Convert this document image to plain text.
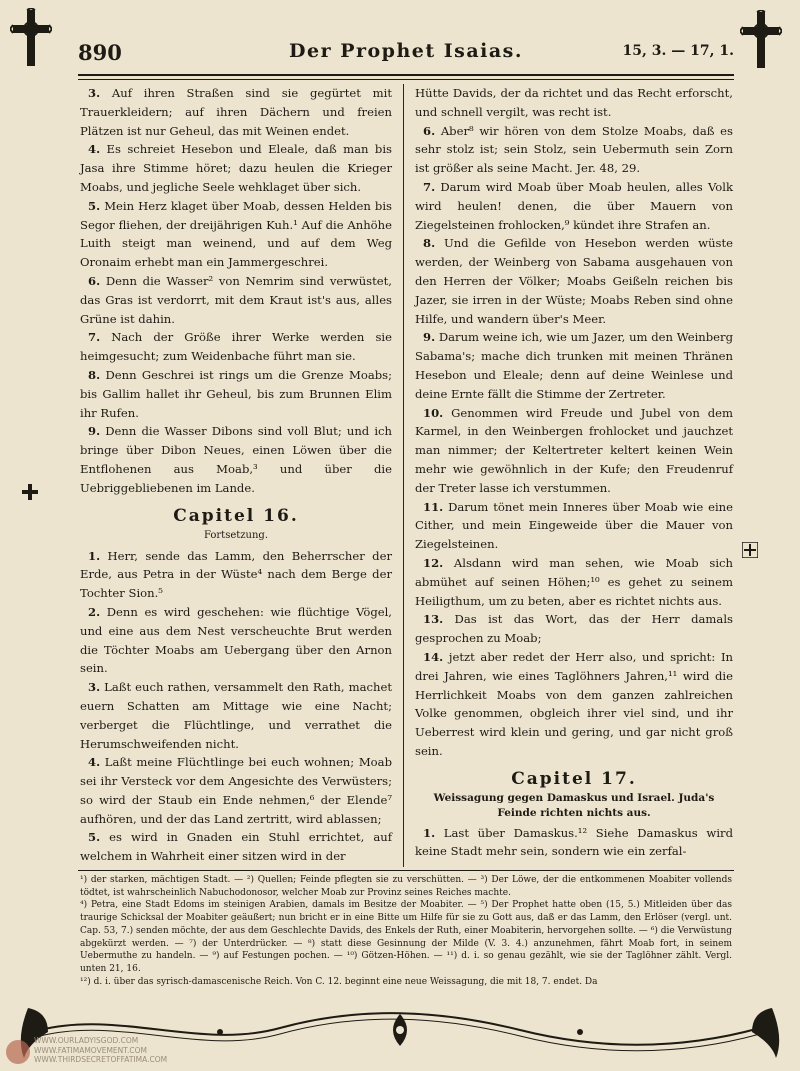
890	Der Prophet Isaias.	15, 3. — 17, 1.

3. Auf ihren Straßen sind sie gegürtet mit Trauerkleidern; auf ihren Dächern und freien Plätzen ist nur Geheul, das mit Weinen endet.

4. Es schreiet Hesebon und Eleale, daß man bis Jasa ihre Stimme höret; dazu heulen die Krieger Moabs, und jegliche Seele wehklaget über sich.

5. Mein Herz klaget über Moab, dessen Helden bis Segor fliehen, der dreijährigen Kuh.¹ Auf die Anhöhe Luith steigt man weinend, und auf dem Weg Oronaim erhebt man ein Jammergeschrei.

6. Denn die Wasser² von Nemrim sind verwüstet, das Gras ist verdorrt, mit dem Kraut ist's aus, alles Grüne ist dahin.

7. Nach der Größe ihrer Werke werden sie heimgesucht; zum Weidenbache führt man sie.

8. Denn Geschrei ist rings um die Grenze Moabs; bis Gallim hallet ihr Geheul, bis zum Brunnen Elim ihr Rufen.

9. Denn die Wasser Dibons sind voll Blut; und ich bringe über Dibon Neues, einen Löwen über die Entflohenen aus Moab,³ und über die Uebriggebliebenen im Lande.

Capitel 16.

Fortsetzung.

1. Herr, sende das Lamm, den Beherrscher der Erde, aus Petra in der Wüste⁴ nach dem Berge der Tochter Sion.⁵

2. Denn es wird geschehen: wie flüchtige Vögel, und eine aus dem Nest verscheuchte Brut werden die Töchter Moabs am Uebergang über den Arnon sein.

3. Laßt euch rathen, versammelt den Rath, machet euern Schatten am Mittage wie eine Nacht; verberget die Flüchtlinge, und verrathet die Herumschweifenden nicht.

4. Laßt meine Flüchtlinge bei euch wohnen; Moab sei ihr Versteck vor dem Angesichte des Verwüsters; so wird der Staub ein Ende nehmen,⁶ der Elende⁷ aufhören, und der das Land zertritt, wird ablassen;

5. es wird in Gnaden ein Stuhl errichtet, auf welchem in Wahrheit einer sitzen wird in der

Hütte Davids, der da richtet und das Recht erforscht, und schnell vergilt, was recht ist.

6. Aber⁸ wir hören von dem Stolze Moabs, daß es sehr stolz ist; sein Stolz, sein Uebermuth sein Zorn ist größer als seine Macht. Jer. 48, 29.

7. Darum wird Moab über Moab heulen, alles Volk wird heulen! denen, die über Mauern von Ziegelsteinen frohlocken,⁹ kündet ihre Strafen an.

8. Und die Gefilde von Hesebon werden wüste werden, der Weinberg von Sabama ausgehauen von den Herren der Völker; Moabs Geißeln reichen bis Jazer, sie irren in der Wüste; Moabs Reben sind ohne Hilfe, und wandern über's Meer.

9. Darum weine ich, wie um Jazer, um den Weinberg Sabama's; mache dich trunken mit meinen Thränen Hesebon und Eleale; denn auf deine Weinlese und deine Ernte fällt die Stimme der Zertreter.

10. Genommen wird Freude und Jubel von dem Karmel, in den Weinbergen frohlocket und jauchzet man nimmer; der Keltertreter keltert keinen Wein mehr wie gewöhnlich in der Kufe; den Freudenruf der Treter lasse ich verstummen.

11. Darum tönet mein Inneres über Moab wie eine Cither, und mein Eingeweide über die Mauer von Ziegelsteinen.

12. Alsdann wird man sehen, wie Moab sich abmühet auf seinen Höhen;¹⁰ es gehet zu seinem Heiligthum, um zu beten, aber es richtet nichts aus.

13. Das ist das Wort, das der Herr damals gesprochen zu Moab;

14. jetzt aber redet der Herr also, und spricht: In drei Jahren, wie eines Taglöhners Jahren,¹¹ wird die Herrlichkeit Moabs von dem ganzen zahlreichen Volke genommen, obgleich ihrer viel sind, und ihr Ueberrest wird klein und gering, und gar nicht groß sein.

Capitel 17.

Weissagung gegen Damaskus und Israel. Juda's Feinde richten nichts aus.

1. Last über Damaskus.¹² Siehe Damaskus wird keine Stadt mehr sein, sondern wie ein zerfal-

¹) der starken, mächtigen Stadt. — ²) Quellen; Feinde pflegten sie zu verschütten. — ³) Der Löwe, der die entkommenen Moabiter vollends tödtet, ist wahrscheinlich Nabuchodonosor, welcher Moab zur Provinz seines Reiches machte.

⁴) Petra, eine Stadt Edoms im steinigen Arabien, damals im Besitze der Moabiter. — ⁵) Der Prophet hatte oben (15, 5.) Mitleiden über das traurige Schicksal der Moabiter geäußert; nun bricht er in eine Bitte um Hilfe für sie zu Gott aus, daß er das Lamm, den Erlöser (vergl. unt. Cap. 53, 7.) senden möchte, der aus dem Geschlechte Davids, des Enkels der Ruth, einer Moabiterin, hervorgehen sollte. — ⁶) die Verwüstung abgekürzt werden. — ⁷) der Unterdrücker. — ⁸) statt diese Gesinnung der Milde (V. 3. 4.) anzunehmen, fährt Moab fort, in seinem Uebermuthe zu handeln. — ⁹) auf Festungen pochen. — ¹⁰) Götzen-Höhen. — ¹¹) d. i. so genau gezählt, wie sie der Taglöhner zählt. Vergl. unten 21, 16.

¹²) d. i. über das syrisch-damascenische Reich. Von C. 12. beginnt eine neue Weissagung, die mit 18, 7. endet. Da

WWW.OURLADYISGOD.COM

WWW.FATIMAMOVEMENT.COM

WWW.THIRDSECRETOFFATIMA.COM
